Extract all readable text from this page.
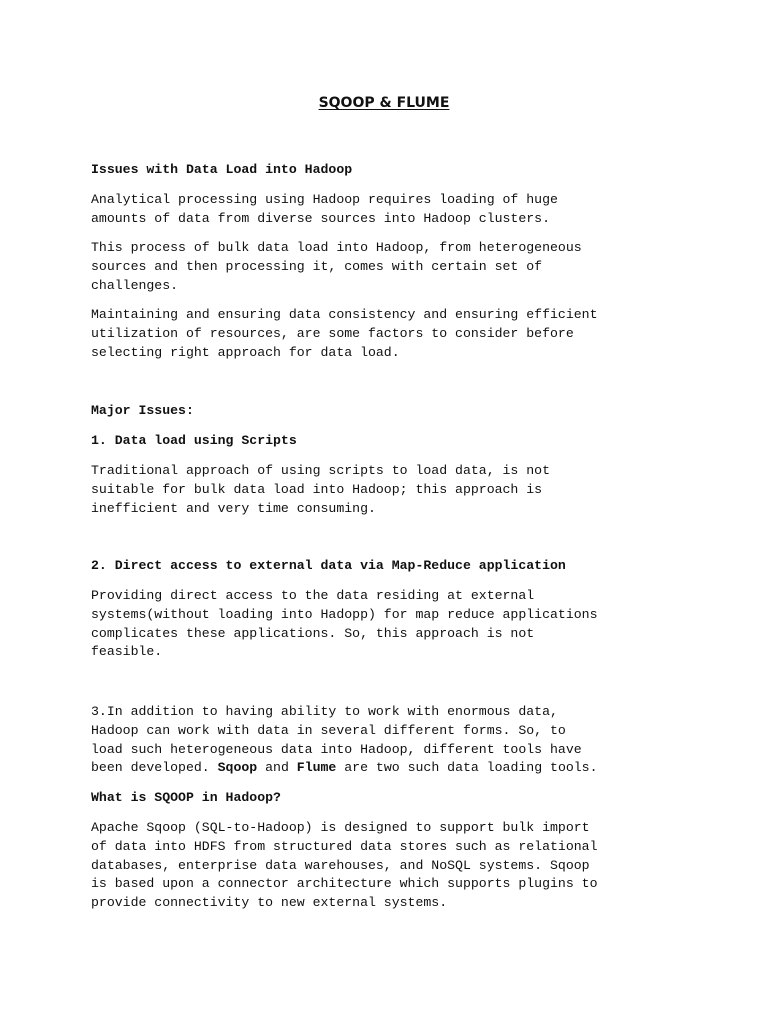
SQOOP & FLUME
Issues with Data Load into Hadoop
Analytical processing using Hadoop requires loading of huge
amounts of data from diverse sources into Hadoop clusters.
This process of bulk data load into Hadoop, from heterogeneous
sources and then processing it, comes with certain set of
challenges.
Maintaining and ensuring data consistency and ensuring efficient
utilization of resources, are some factors to consider before
selecting right approach for data load.
Major Issues:
1. Data load using Scripts
Traditional approach of using scripts to load data, is not
suitable for bulk data load into Hadoop; this approach is
inefficient and very time consuming.
2. Direct access to external data via Map-Reduce application
Providing direct access to the data residing at external
systems(without loading into Hadopp) for map reduce applications
complicates these applications. So, this approach is not
feasible.
3.In addition to having ability to work with enormous data,
Hadoop can work with data in several different forms. So, to
load such heterogeneous data into Hadoop, different tools have
been developed. Sqoop and Flume are two such data loading tools.
What is SQOOP in Hadoop?
Apache Sqoop (SQL-to-Hadoop) is designed to support bulk import
of data into HDFS from structured data stores such as relational
databases, enterprise data warehouses, and NoSQL systems. Sqoop
is based upon a connector architecture which supports plugins to
provide connectivity to new external systems.
